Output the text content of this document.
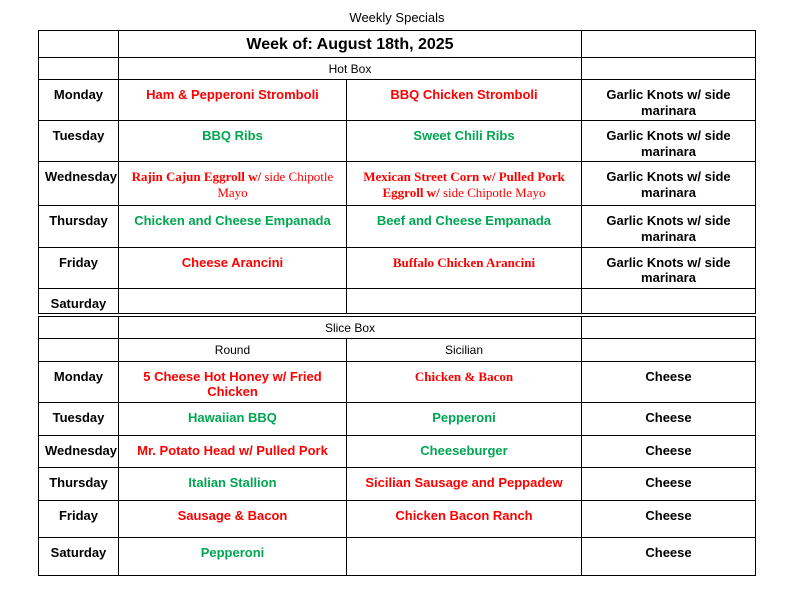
Weekly Specials
	Week of: August 18th, 2025		
	Hot Box		
Monday	Ham & Pepperoni Stromboli	BBQ Chicken Stromboli	Garlic Knots w/ side marinara
Tuesday	BBQ Ribs	Sweet Chili Ribs	Garlic Knots w/ side marinara
Wednesday	Rajin Cajun Eggroll w/ side Chipotle Mayo	Mexican Street Corn w/ Pulled Pork Eggroll w/ side Chipotle Mayo	Garlic Knots w/ side marinara
Thursday	Chicken and Cheese Empanada	Beef and Cheese Empanada	Garlic Knots w/ side marinara
Friday	Cheese Arancini	Buffalo Chicken Arancini	Garlic Knots w/ side marinara
Saturday			
	Slice Box		
	Round	Sicilian	
Monday	5 Cheese Hot Honey w/ Fried Chicken	Chicken & Bacon	Cheese
Tuesday	Hawaiian BBQ	Pepperoni	Cheese
Wednesday	Mr. Potato Head w/ Pulled Pork	Cheeseburger	Cheese
Thursday	Italian Stallion	Sicilian Sausage and Peppadew	Cheese
Friday	Sausage & Bacon	Chicken Bacon Ranch	Cheese
Saturday	Pepperoni		Cheese
